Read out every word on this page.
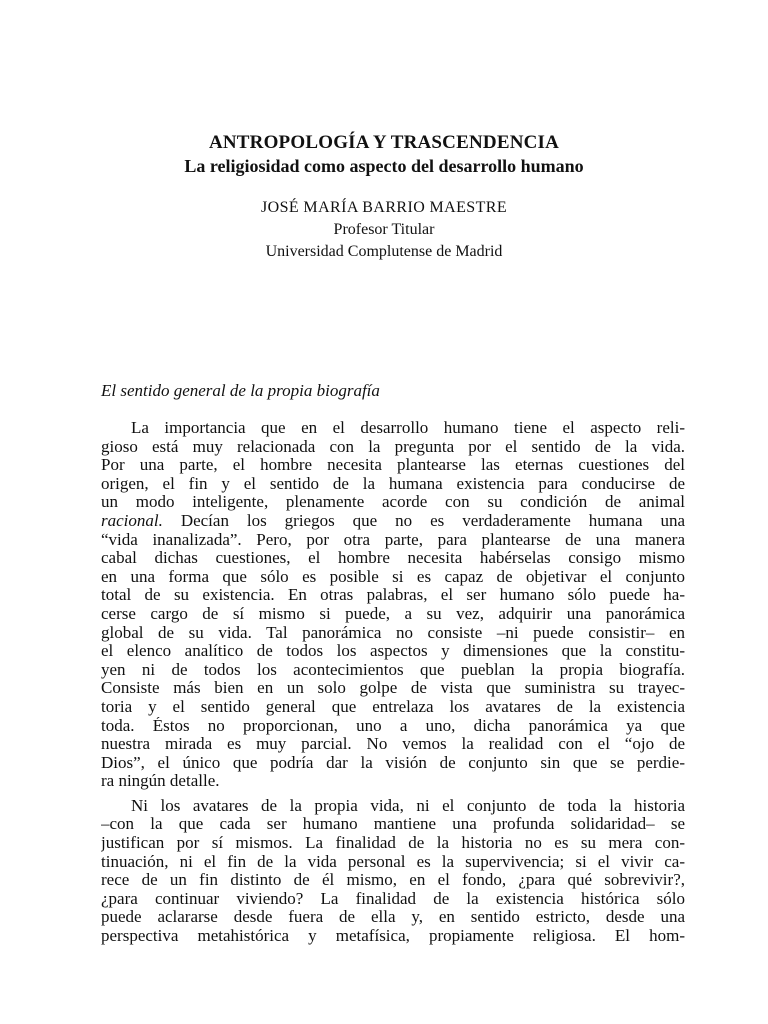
ANTROPOLOGÍA Y TRASCENDENCIA
La religiosidad como aspecto del desarrollo humano
JOSÉ MARÍA BARRIO MAESTRE
Profesor Titular
Universidad Complutense de Madrid
El sentido general de la propia biografía
La importancia que en el desarrollo humano tiene el aspecto reli-
gioso está muy relacionada con la pregunta por el sentido de la vida.
Por una parte, el hombre necesita plantearse las eternas cuestiones del
origen, el fin y el sentido de la humana existencia para conducirse de
un modo inteligente, plenamente acorde con su condición de animal
racional. Decían los griegos que no es verdaderamente humana una
“vida inanalizada”. Pero, por otra parte, para plantearse de una manera
cabal dichas cuestiones, el hombre necesita habérselas consigo mismo
en una forma que sólo es posible si es capaz de objetivar el conjunto
total de su existencia. En otras palabras, el ser humano sólo puede ha-
cerse cargo de sí mismo si puede, a su vez, adquirir una panorámica
global de su vida. Tal panorámica no consiste –ni puede consistir– en
el elenco analítico de todos los aspectos y dimensiones que la constitu-
yen ni de todos los acontecimientos que pueblan la propia biografía.
Consiste más bien en un solo golpe de vista que suministra su trayec-
toria y el sentido general que entrelaza los avatares de la existencia
toda. Éstos no proporcionan, uno a uno, dicha panorámica ya que
nuestra mirada es muy parcial. No vemos la realidad con el “ojo de
Dios”, el único que podría dar la visión de conjunto sin que se perdie-
ra ningún detalle.
Ni los avatares de la propia vida, ni el conjunto de toda la historia
–con la que cada ser humano mantiene una profunda solidaridad– se
justifican por sí mismos. La finalidad de la historia no es su mera con-
tinuación, ni el fin de la vida personal es la supervivencia; si el vivir ca-
rece de un fin distinto de él mismo, en el fondo, ¿para qué sobrevivir?,
¿para continuar viviendo? La finalidad de la existencia histórica sólo
puede aclararse desde fuera de ella y, en sentido estricto, desde una
perspectiva metahistórica y metafísica, propiamente religiosa. El hom-
